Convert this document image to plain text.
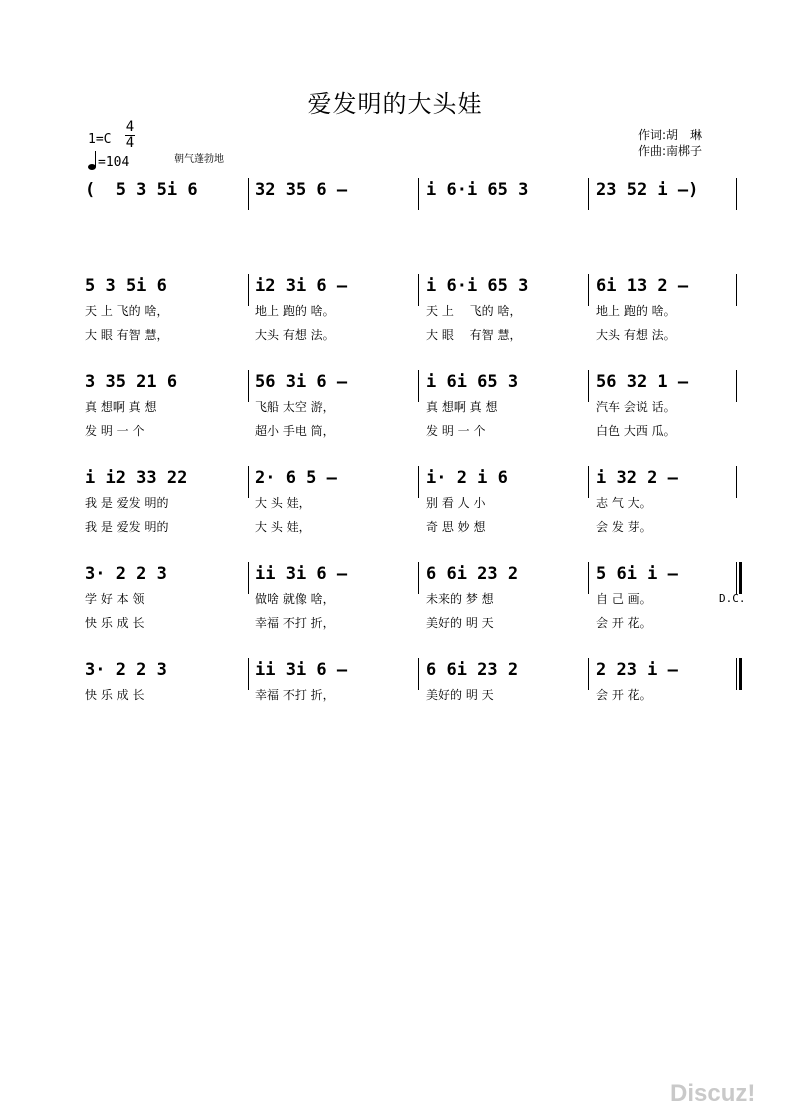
爱发明的大头娃
1=C
4
4
=104	朝气蓬勃地
作词:胡　琳
作曲:南梆子
(  5 3 5i 6	32 35 6 –	i 6·i 65 3	23 52 i –)
5 3 5i 6	i2 3i 6 –	i 6·i 65 3	6i 13 2 –
天 上 飞的 啥，	地上 跑的 啥。	天 上　 飞的 啥，	地上 跑的 啥。
大 眼 有智 慧，	大头 有想 法。	大 眼　 有智 慧，	大头 有想 法。
3 35 21 6	56 3i 6 –	i 6i 65 3	56 32 1 –
真 想啊 真 想	飞船 太空 游，	真 想啊 真 想	汽车 会说 话。
发 明 一 个	超小 手电 筒，	发 明 一 个	白色 大西 瓜。
i i2 33 22	2· 6 5 –	i· 2 i 6	i 32 2 –
我 是 爱发 明的	大 头 娃，	别 看 人 小	志 气 大。
我 是 爱发 明的	大 头 娃，	奇 思 妙 想	会 发 芽。
3· 2 2 3	ii 3i 6 –	6 6i 23 2	5 6i i –
学 好 本 领	做啥 就像 啥，	未来的 梦 想	自 己 画。
快 乐 成 长	幸福 不打 折，	美好的 明 天	会 开 花。
3· 2 2 3	ii 3i 6 –	6 6i 23 2	2 23 i –
快 乐 成 长	幸福 不打 折，	美好的 明 天	会 开 花。
D.C.
Discuz!
